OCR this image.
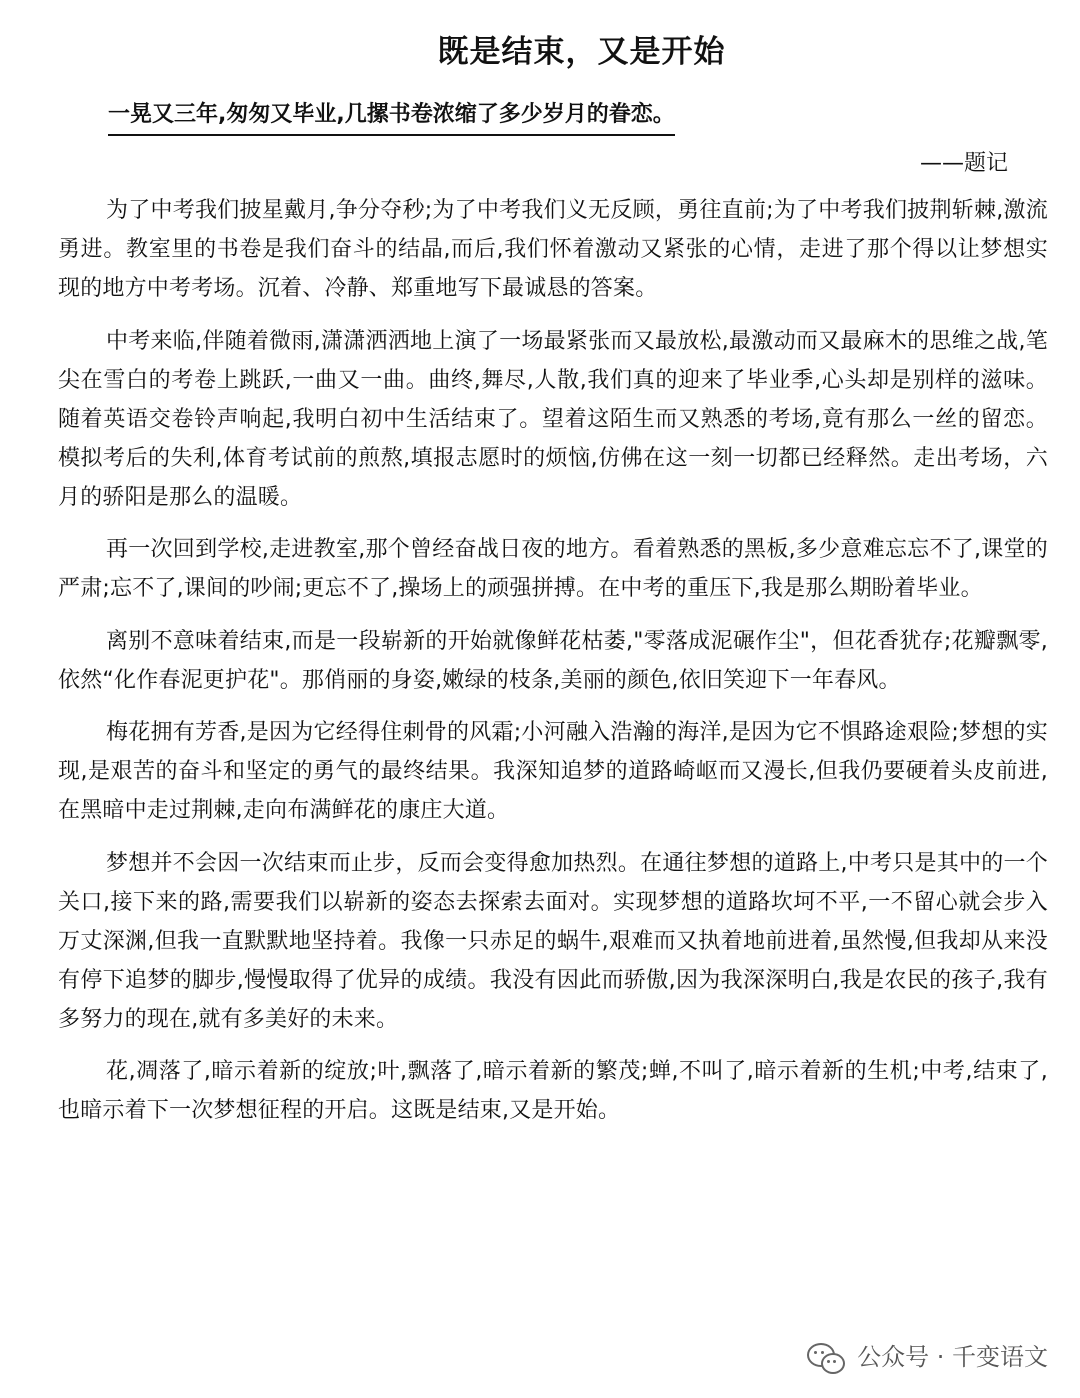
既是结束，又是开始
一晃又三年,匆匆又毕业,几摞书卷浓缩了多少岁月的眷恋。
——题记

为了中考我们披星戴月,争分夺秒;为了中考我们义无反顾，勇往直前;为了中考我们披荆斩棘,激流勇进。教室里的书卷是我们奋斗的结晶,而后,我们怀着激动又紧张的心情，走进了那个得以让梦想实现的地方中考考场。沉着、冷静、郑重地写下最诚恳的答案。

中考来临,伴随着微雨,潇潇洒洒地上演了一场最紧张而又最放松,最激动而又最麻木的思维之战,笔尖在雪白的考卷上跳跃,一曲又一曲。曲终,舞尽,人散,我们真的迎来了毕业季,心头却是别样的滋味。随着英语交卷铃声响起,我明白初中生活结束了。望着这陌生而又熟悉的考场,竟有那么一丝的留恋。模拟考后的失利,体育考试前的煎熬,填报志愿时的烦恼,仿佛在这一刻一切都已经释然。走出考场，六月的骄阳是那么的温暖。

再一次回到学校,走进教室,那个曾经奋战日夜的地方。看着熟悉的黑板,多少意难忘忘不了,课堂的严肃;忘不了,课间的吵闹;更忘不了,操场上的顽强拼搏。在中考的重压下,我是那么期盼着毕业。

离别不意味着结束,而是一段崭新的开始就像鲜花枯萎,"零落成泥碾作尘"，但花香犹存;花瓣飘零,依然“化作春泥更护花"。那俏丽的身姿,嫩绿的枝条,美丽的颜色,依旧笑迎下一年春风。

梅花拥有芳香,是因为它经得住刺骨的风霜;小河融入浩瀚的海洋,是因为它不惧路途艰险;梦想的实现,是艰苦的奋斗和坚定的勇气的最终结果。我深知追梦的道路崎岖而又漫长,但我仍要硬着头皮前进,在黑暗中走过荆棘,走向布满鲜花的康庄大道。

梦想并不会因一次结束而止步，反而会变得愈加热烈。在通往梦想的道路上,中考只是其中的一个关口,接下来的路,需要我们以崭新的姿态去探索去面对。实现梦想的道路坎坷不平,一不留心就会步入万丈深渊,但我一直默默地坚持着。我像一只赤足的蜗牛,艰难而又执着地前进着,虽然慢,但我却从来没有停下追梦的脚步,慢慢取得了优异的成绩。我没有因此而骄傲,因为我深深明白,我是农民的孩子,我有多努力的现在,就有多美好的未来。

花,凋落了,暗示着新的绽放;叶,飘落了,暗示着新的繁茂;蝉,不叫了,暗示着新的生机;中考,结束了,也暗示着下一次梦想征程的开启。这既是结束,又是开始。

公众号 · 千变语文
